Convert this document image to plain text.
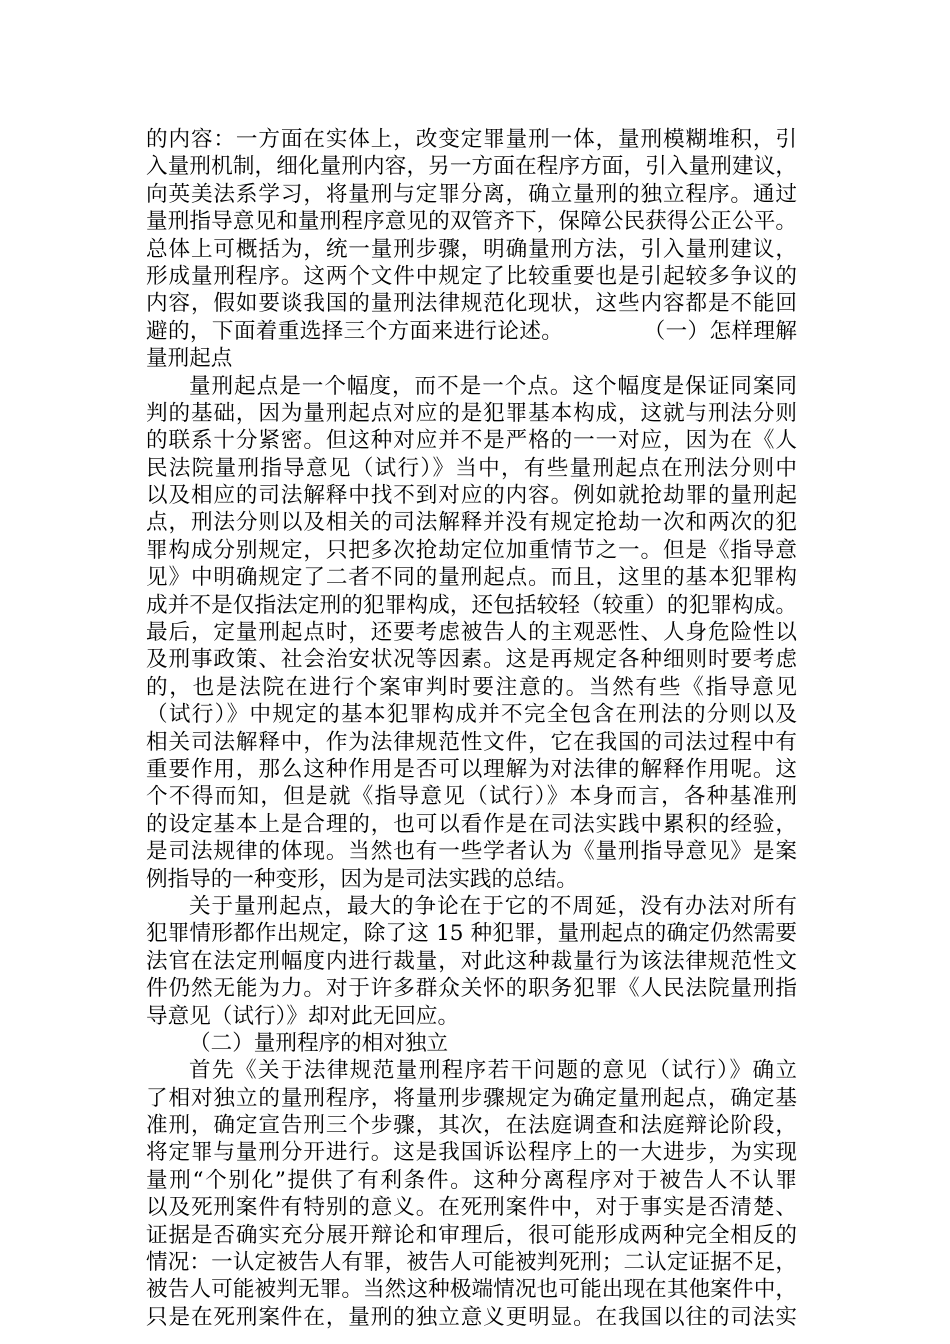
的内容：一方面在实体上，改变定罪量刑一体，量刑模糊堆积，引
入量刑机制，细化量刑内容，另一方面在程序方面，引入量刑建议，
向英美法系学习，将量刑与定罪分离，确立量刑的独立程序。通过
量刑指导意见和量刑程序意见的双管齐下，保障公民获得公正公平。
总体上可概括为，统一量刑步骤，明确量刑方法，引入量刑建议，
形成量刑程序。这两个文件中规定了比较重要也是引起较多争议的
内容，假如要谈我国的量刑法律规范化现状，这些内容都是不能回
避的，下面着重选择三个方面来进行论述。	（一）怎样理解
量刑起点
量刑起点是一个幅度，而不是一个点。这个幅度是保证同案同
判的基础，因为量刑起点对应的是犯罪基本构成，这就与刑法分则
的联系十分紧密。但这种对应并不是严格的一一对应，因为在《人
民法院量刑指导意见（试行）》当中，有些量刑起点在刑法分则中
以及相应的司法解释中找不到对应的内容。例如就抢劫罪的量刑起
点，刑法分则以及相关的司法解释并没有规定抢劫一次和两次的犯
罪构成分别规定，只把多次抢劫定位加重情节之一。但是《指导意
见》中明确规定了二者不同的量刑起点。而且，这里的基本犯罪构
成并不是仅指法定刑的犯罪构成，还包括较轻（较重）的犯罪构成。
最后，定量刑起点时，还要考虑被告人的主观恶性、人身危险性以
及刑事政策、社会治安状况等因素。这是再规定各种细则时要考虑
的，也是法院在进行个案审判时要注意的。当然有些《指导意见
（试行）》中规定的基本犯罪构成并不完全包含在刑法的分则以及
相关司法解释中，作为法律规范性文件，它在我国的司法过程中有
重要作用，那么这种作用是否可以理解为对法律的解释作用呢。这
个不得而知，但是就《指导意见（试行）》本身而言，各种基准刑
的设定基本上是合理的，也可以看作是在司法实践中累积的经验，
是司法规律的体现。当然也有一些学者认为《量刑指导意见》是案
例指导的一种变形，因为是司法实践的总结。
关于量刑起点，最大的争论在于它的不周延，没有办法对所有
犯罪情形都作出规定，除了这 15 种犯罪，量刑起点的确定仍然需要
法官在法定刑幅度内进行裁量，对此这种裁量行为该法律规范性文
件仍然无能为力。对于许多群众关怀的职务犯罪《人民法院量刑指
导意见（试行）》却对此无回应。
（二）量刑程序的相对独立
首先《关于法律规范量刑程序若干问题的意见（试行）》确立
了相对独立的量刑程序，将量刑步骤规定为确定量刑起点，确定基
准刑，确定宣告刑三个步骤，其次，在法庭调查和法庭辩论阶段，
将定罪与量刑分开进行。这是我国诉讼程序上的一大进步，为实现
量刑“个别化”提供了有利条件。这种分离程序对于被告人不认罪
以及死刑案件有特别的意义。在死刑案件中，对于事实是否清楚、
证据是否确实充分展开辩论和审理后，很可能形成两种完全相反的
情况：一认定被告人有罪，被告人可能被判死刑；二认定证据不足，
被告人可能被判无罪。当然这种极端情况也可能出现在其他案件中，
只是在死刑案件在，量刑的独立意义更明显。在我国以往的司法实
